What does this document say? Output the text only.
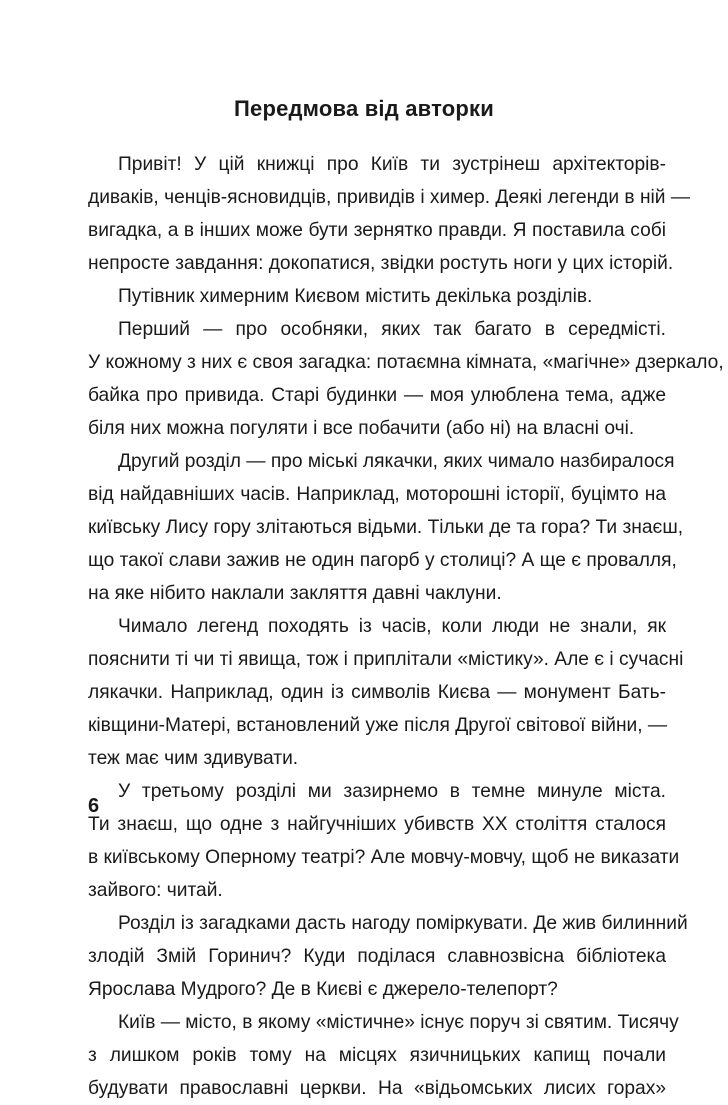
Передмова від авторки
Привіт! У цій книжці про Київ ти зустрінеш архітекторів-
диваків, ченців-ясновидців, привидів і химер. Деякі легенди в ній —
вигадка, а в інших може бути зернятко правди. Я поставила собі
непросте завдання: докопатися, звідки ростуть ноги у цих історій.
Путівник химерним Києвом містить декілька розділів.
Перший — про особняки, яких так багато в середмісті.
У кожному з них є своя загадка: потаємна кімната, «магічне» дзеркало,
байка про привида. Старі будинки — моя улюблена тема, адже
біля них можна погуляти і все побачити (або ні) на власні очі.
Другий розділ — про міські лякачки, яких чимало назбиралося
від найдавніших часів. Наприклад, моторошні історії, буцімто на
київську Лису гору злітаються відьми. Тільки де та гора? Ти знаєш,
що такої слави зажив не один пагорб у столиці? А ще є провалля,
на яке нібито наклали закляття давні чаклуни.
Чимало легенд походять із часів, коли люди не знали, як
пояснити ті чи ті явища, тож і приплітали «містику». Але є і сучасні
лякачки. Наприклад, один із символів Києва — монумент Бать-
ківщини-Матері, встановлений уже після Другої світової війни, —
теж має чим здивувати.
У третьому розділі ми зазирнемо в темне минуле міста.
Ти знаєш, що одне з найгучніших убивств XX століття сталося
в київському Оперному театрі? Але мовчу-мовчу, щоб не виказати
зайвого: читай.
Розділ із загадками дасть нагоду поміркувати. Де жив билинний
злодій Змій Горинич? Куди поділася славнозвісна бібліотека
Ярослава Мудрого? Де в Києві є джерело-телепорт?
Київ — місто, в якому «містичне» існує поруч зі святим. Тисячу
з лишком років тому на місцях язичницьких капищ почали
будувати православні церкви. На «відьомських лисих горах»
6
